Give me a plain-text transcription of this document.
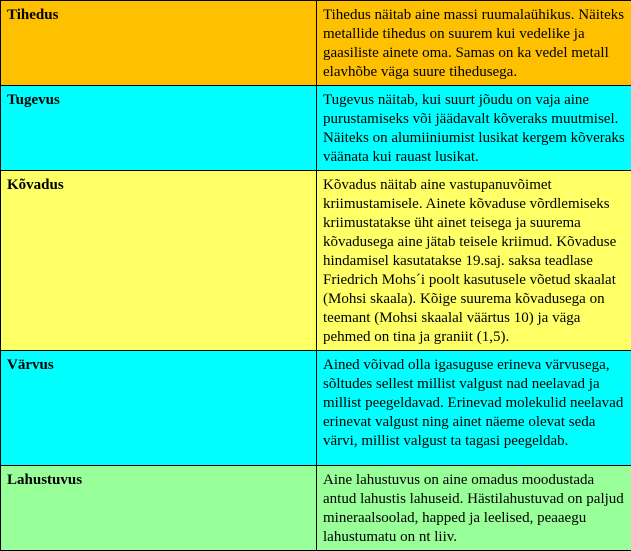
Tihedus	Tihedus näitab aine massi ruumalaühikus. Näiteks metallide tihedus on suurem kui vedelike ja gaasiliste ainete oma. Samas on ka vedel metall elavhõbe väga suure tihedusega.
Tugevus	Tugevus näitab, kui suurt jõudu on vaja aine purustamiseks või jäädavalt kõveraks muutmisel. Näiteks on alumiiniumist lusikat kergem kõveraks väänata kui rauast lusikat.
Kõvadus	Kõvadus näitab aine vastupanuvõimet kriimustamisele. Ainete kõvaduse võrdlemiseks kriimustatakse üht ainet teisega ja suurema kõvadusega aine jätab teisele kriimud. Kõvaduse hindamisel kasutatakse 19.saj. saksa teadlase Friedrich Mohs´i poolt kasutusele võetud skaalat (Mohsi skaala). Kõige suurema kõvadusega on teemant (Mohsi skaalal väärtus 10) ja väga pehmed on tina ja graniit (1,5).
Värvus	Ained võivad olla igasuguse erineva värvusega, sõltudes sellest millist valgust nad neelavad ja millist peegeldavad. Erinevad molekulid neelavad erinevat valgust ning ainet näeme olevat seda värvi, millist valgust ta tagasi peegeldab.
Lahustuvus	Aine lahustuvus on aine omadus moodustada antud lahustis lahuseid. Hästilahustuvad on paljud mineraalsoolad, happed ja leelised, peaaegu lahustumatu on nt liiv.
